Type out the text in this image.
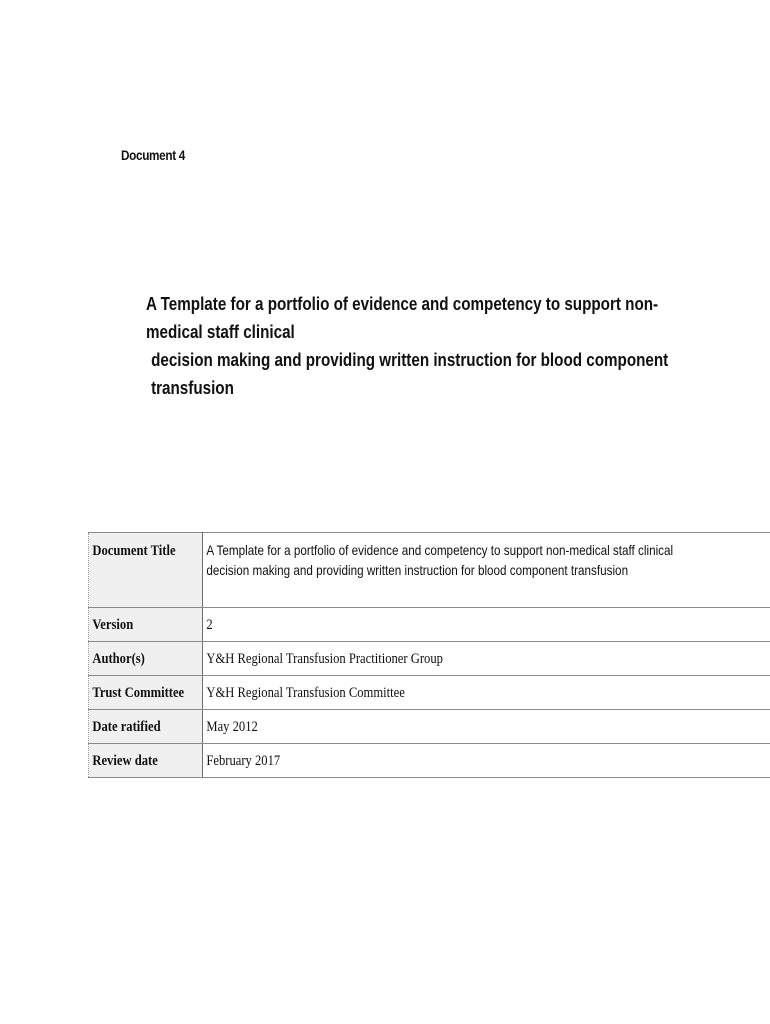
Document 4
A Template for a portfolio of evidence and competency to support non-medical staff clinical
decision making and providing written instruction for blood component transfusion
Document Title	A Template for a portfolio of evidence and competency to support non-medical staff clinical decision making and providing written instruction for blood component transfusion

Version	2
Author(s)	Y&H Regional Transfusion Practitioner Group
Trust Committee	Y&H Regional Transfusion Committee
Date ratified	May 2012
Review date	February 2017
